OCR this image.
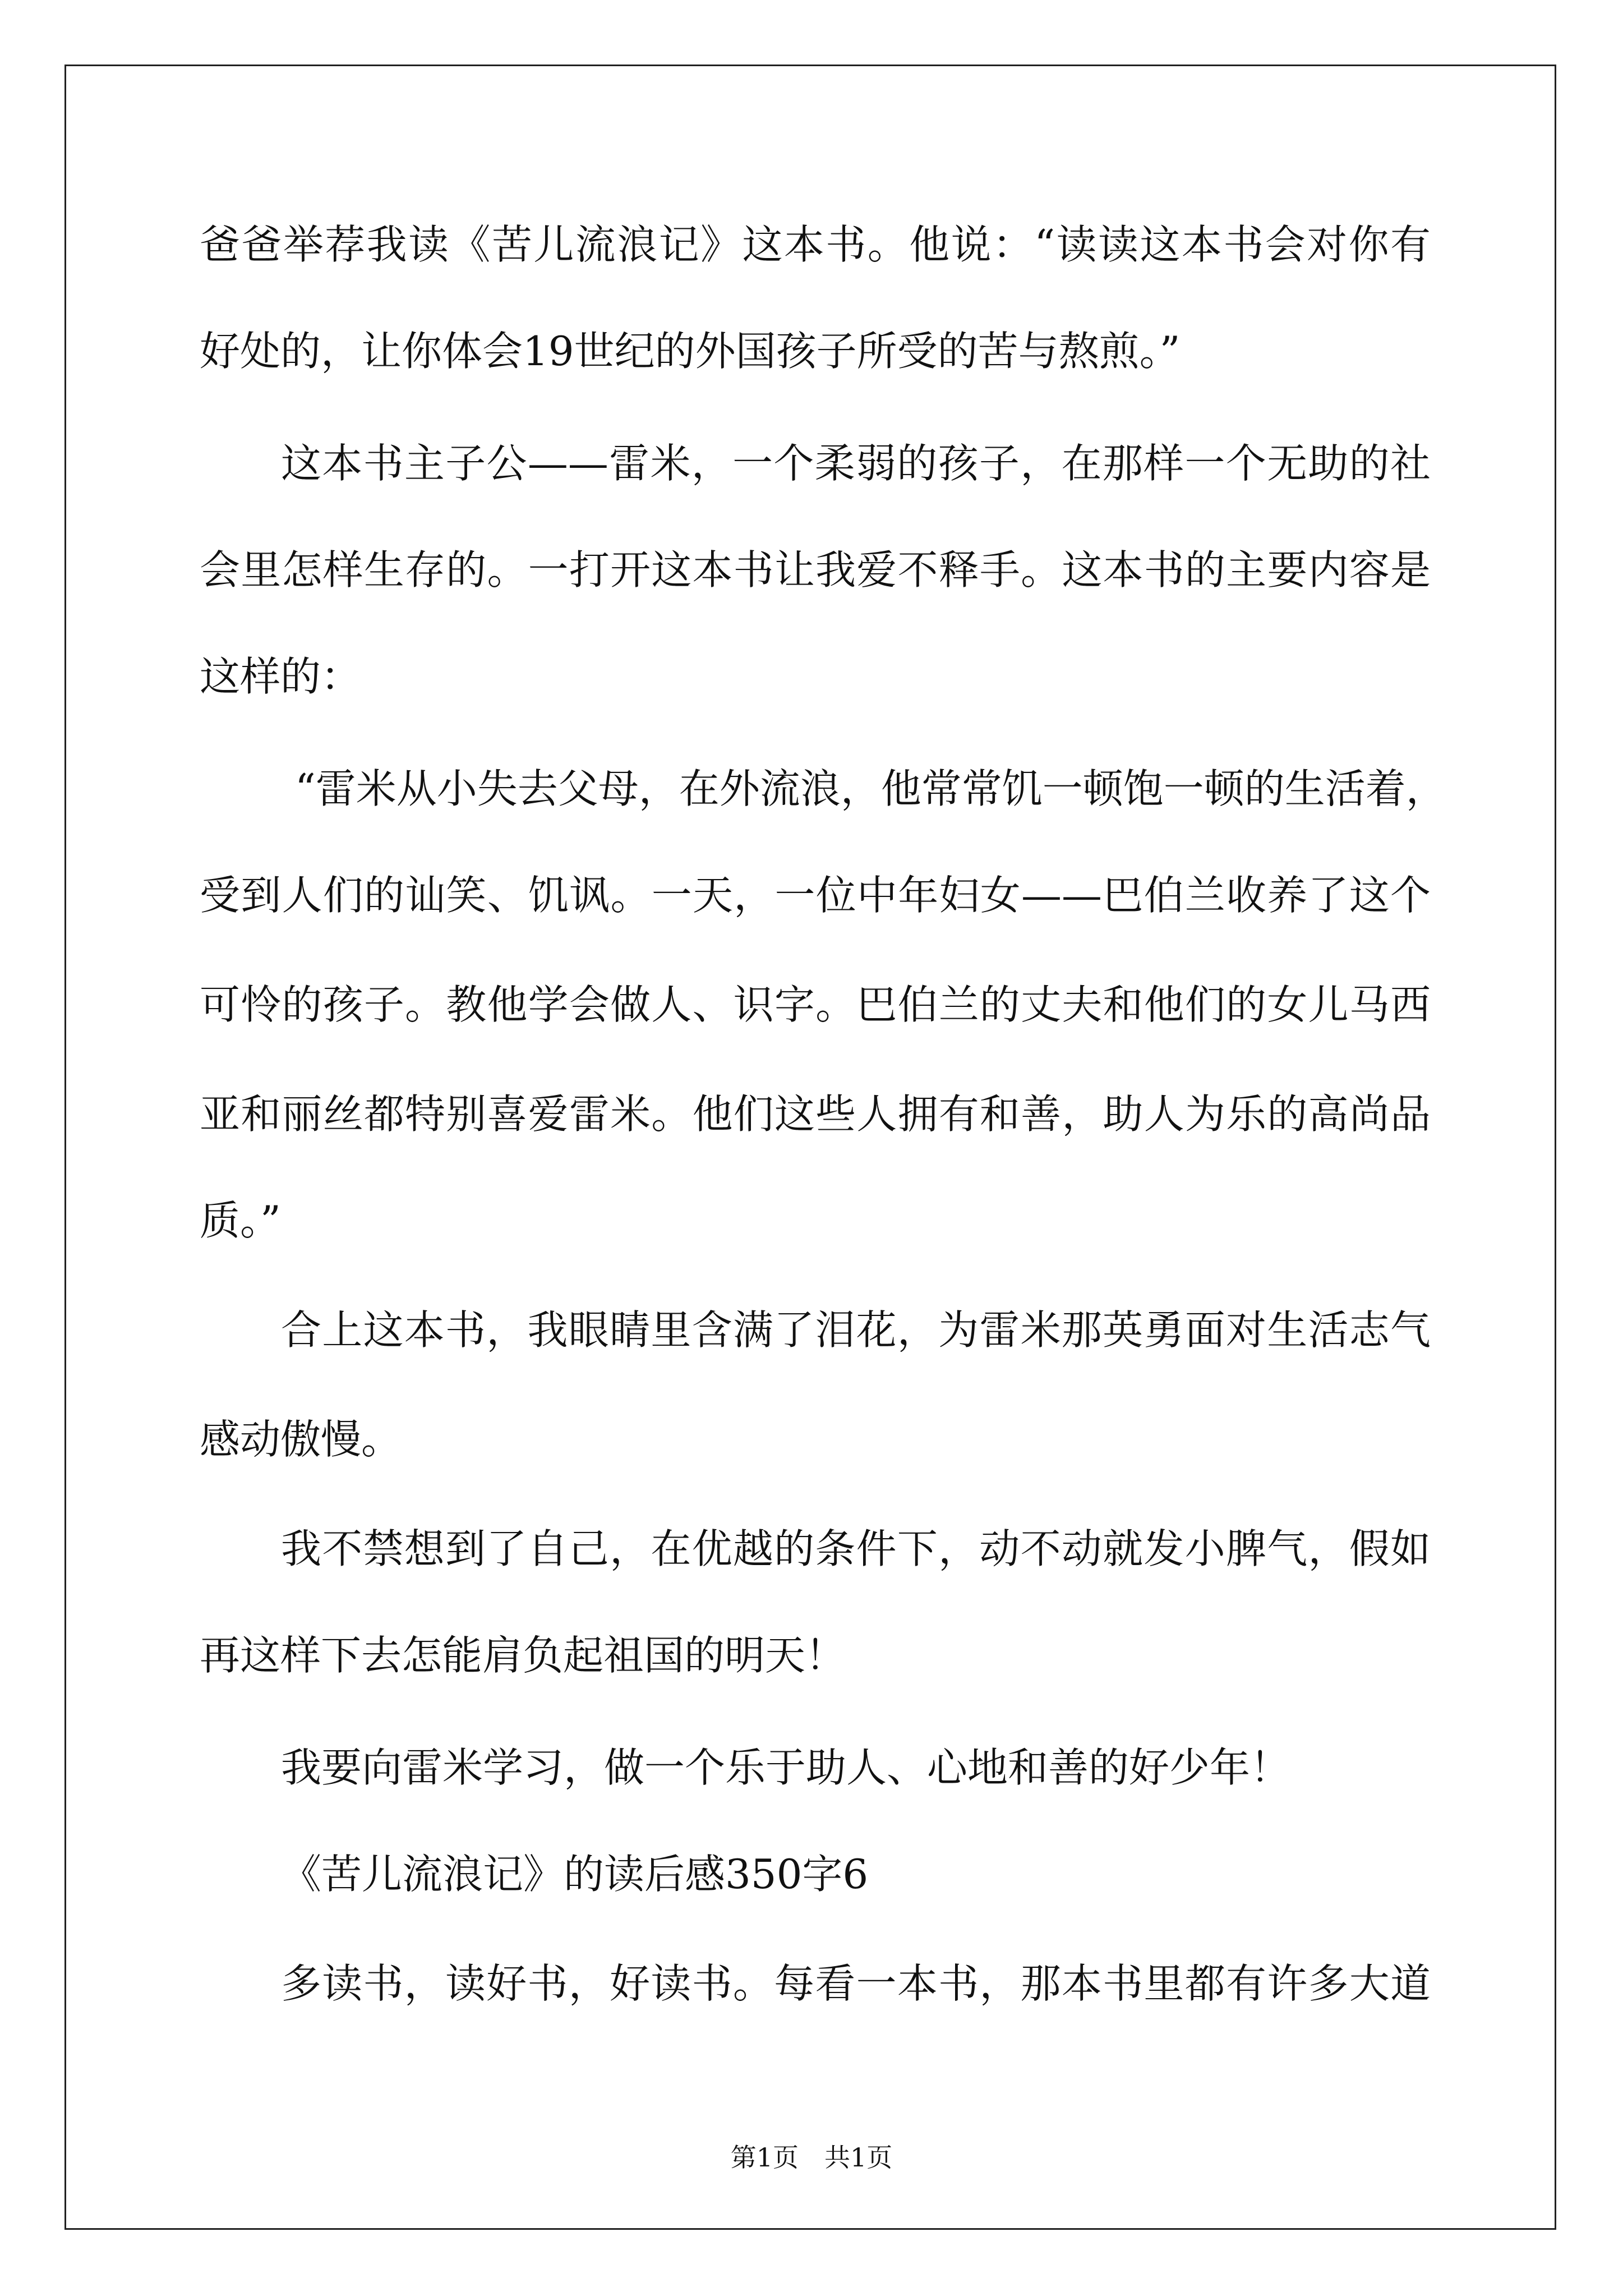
爸爸举荐我读《苦儿流浪记》这本书。他说：“读读这本书会对你有
好处的，让你体会19世纪的外国孩子所受的苦与熬煎。”
这本书主子公——雷米，一个柔弱的孩子，在那样一个无助的社
会里怎样生存的。一打开这本书让我爱不释手。这本书的主要内容是
这样的：
“雷米从小失去父母，在外流浪，他常常饥一顿饱一顿的生活着，
受到人们的讪笑、饥讽。一天，一位中年妇女——巴伯兰收养了这个
可怜的孩子。教他学会做人、识字。巴伯兰的丈夫和他们的女儿马西
亚和丽丝都特别喜爱雷米。他们这些人拥有和善，助人为乐的高尚品
质。”
合上这本书，我眼睛里含满了泪花，为雷米那英勇面对生活志气
感动傲慢。
我不禁想到了自己，在优越的条件下，动不动就发小脾气，假如
再这样下去怎能肩负起祖国的明天！
我要向雷米学习，做一个乐于助人、心地和善的好少年！
《苦儿流浪记》的读后感350字6
多读书，读好书，好读书。每看一本书，那本书里都有许多大道
第1页　共1页
